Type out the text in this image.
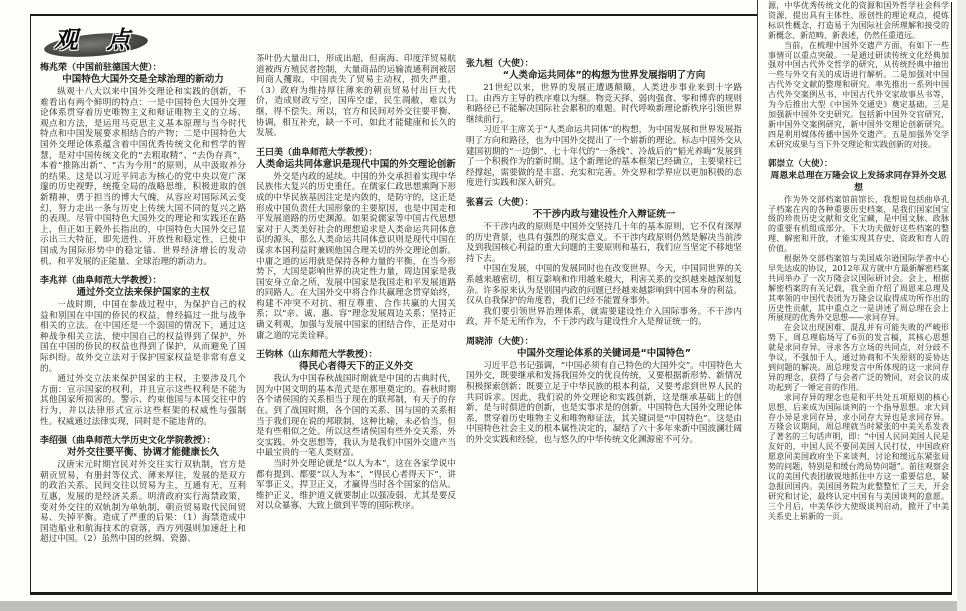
观 点
梅兆荣（中国前驻德国大使）：
中国特色大国外交是全球治理的新动力

纵观十八大以来中国外交理论和实践的创新，不难看出有两个鲜明的特点：一是中国特色大国外交理论体系贯穿着历史唯物主义和辩证唯物主义的立场、观点和方法，是运用马克思主义基本原理与当今时代特点和中国发展要求相结合的产物；二是中国特色大国外交理论体系蕴含着中国优秀传统文化和哲学的智慧，是对中国传统文化的“去粗取精”、“去伪存真”，本着“推陈出新”、“古为今用”的原则，从中汲取养分的结果。这是以习近平同志为核心的党中央以宽广深邃的历史视野，统揽全局的战略思维，积极进取的创新精神，勇于担当的博大气魄，从容应对国际风云变幻，努力走出一条与历史上传统大国不同的复兴之路的表现。尽管中国特色大国外交的理论和实践还在路上，但正如王毅外长指出的，中国特色大国外交已显示出三大特征，即先进性、开放性和稳定性，已使中国成为国际形势中的稳定锚、世界经济增长的发动机、和平发展的正能量、全球治理的新动力。

李兆祥（曲阜师范大学教授）：
通过外交立法来保护国家的主权

一战时期，中国在参战过程中，为保护自己的权益和别国在中国的侨民的权益，曾经搞过一批与战争相关的立法。在中国还是一个弱国的情况下，通过这种战争相关立法，使中国自己的权益得到了保护，外国在中国的侨民的权益也得到了保护，从而避免了国际纠纷。故外交立法对于保护国家权益是非常有意义的。

通过外交立法来保护国家的主权，主要涉及几个方面：宣示国家的权利，并且宣示这些权利是不能为其他国家所损害的。警示、约束他国与本国交往中的行为，并以法律形式宣示这些框架的权威性与强制性。权威通过法律实现，同时是不能违背的。

李绍强（曲阜师范大学历史文化学院教授）：
对外交往要平衡、协调才能健康长久

汉唐宋元时期官民对外交往实行双轨制，官方是朝贡贸易，有册封等仪式、薄来厚往，发展的是双方的政治关系。民间交往以贸易为主，互通有无，互利互惠，发展的是经济关系。明清政府实行海禁政策，变对外交往的双轨制为单轨制，朝贡贸易取代民间贸易、失掉平衡。造成了严重的后果：（1）海禁造成中国造船业和航海技术的衰落，西方列强则加速赶上和超过中国。（2）虽然中国的丝绸、瓷器、

茶叶仍大量出口，形成出超，但南海、印度洋贸易航道被西方殖民者控制，大量商品的运输流通利润被居间商人攫取，中国丧失了贸易主动权，损失严重。（3）政府为维持厚往薄来的朝贡贸易付出巨大代价，造成财政亏空，国库空虚，民生凋敝，难以为继，得不偿失。所以，官方和民间对外交往要平衡、协调，相互补充，缺一不可，如此才能健康和长久的发展。

王曰美（曲阜师范大学教授）：
人类命运共同体意识是现代中国的外交理论创新

外交是内政的延续。中国的外交承担着实现中华民族伟大复兴的历史重任。在儒家仁政思想熏陶下形成的中华民族基因注定是内敛的，是防守的，这正是形成中国负责任大国形象的主要原因，也是中国走和平发展道路的历史渊源。如果说儒家等中国古代思想家对于人类美好社会的理想追求是人类命运共同体意识的源头，那么人类命运共同体意识则是现代中国在谋求本国利益时兼顾他国合理关切的外交理论创新。中庸之道的运用就是保持各种力量的平衡，在当今形势下，大国是影响世界的决定性力量，周边国家是我国安身立命之所，发展中国家是我国走和平发展道路的同路人。在大国外交中将合作共赢理念贯穿始终，构建不冲突不对抗、相互尊重、合作共赢的大国关系；以“亲、诚、惠、容”理念发展周边关系；坚持正确义利观，加强与发展中国家的团结合作，正是对中庸之道的完美诠释。

王钧林（山东师范大学教授）：
得民心者得天下的正义外交

我认为中国春秋战国时期就是中国的古典时代，因为中国文明的基本范式是在那里奠定的。春秋时期各个诸侯国的关系相当于现在的联邦制，有天子的存在。到了战国时期，各个国的关系、国与国的关系相当于我们现在说的邦联制，这种比喻，未必恰当，但是有些相似之处。所以这些诸侯国有些外交关系、外交实践、外交思想等，我认为是我们中国外交遗产当中最宝贵的一笔人类财富。

当时外交理论就是“以人为本”，这在各家学说中都有提到、都要“以人为本”，“得民心者得天下”，讲军事正义，捍卫正义，才赢得当时各个国家的信从。维护正义，维护道义就要制止以强凌弱，尤其是要反对以众暴寡，大致上做到平等的国际秩序。

张九桓（大使）：
“人类命运共同体”的构想为世界发展指明了方向

21世纪以来，世界的发展正遭遇颠簸，人类进步事业来到十字路口。由西方主导的秩序难以为继。物竞天择、弱肉强食、零和博弈的规则和路径已不能解决国际社会累积的难题。时代呼唤新理论新秩序引领世界继续前行。

习近平主席关于“人类命运共同体”的构想，为中国发展和世界发展指明了方向和路径，也为中国外交提出了一个崭新的理论。标志中国外交从建国初期的“一边倒”、七十年代的“一条线”、冷战后的“韬光养晦”发展到了一个积极作为的新时期。这个新理论的基本框架已经确立，主要梁柱已经撑起，需要做的是丰富、充实和完善。外交界和学界应以更加积极的态度进行实践和深入研究。

张喜云（大使）：
不干涉内政与建设性介入辩证统一

不干涉内政的原则是中国外交坚持几十年的基本原则，它不仅有深厚的历史背景，也具有强烈的现实意义。不干涉内政原则仍然是解决当前涉及到我国核心利益的重大问题的主要原则和基石，我们应当坚定不移地坚持下去。

中国在发展，中国的发展同时也在改变世界。今天，中国同世界的关系越来越密切，相互影响和作用越来越大，利害关系的交织越来越深刻复杂。许多原来认为是别国内政的问题已经越来越影响到中国本身的利益。仅从自我保护的角度看，我们已经不能置身事外。

我们要引领世界治理体系，就需要建设性介入国际事务。不干涉内政，并不是无所作为，不干涉内政与建设性介入是辩证统一的。

周晓沛（大使）：
中国外交理论体系的关键词是“中国特色”

习近平总书记强调，“中国必须有自己特色的大国外交”。中国特色大国外交，既要继承和发扬我国外交的优良传统，又要根据新形势、新情况积极探索创新；既要立足于中华民族的根本利益，又要考虑到世界人民的共同诉求。因此，我们说的外交理论和实践创新，这是继承基础上的创新，是与时俱进的创新，也是实事求是的创新。中国特色大国外交理论体系，贯穿着历史唯物主义和唯物辩证法，其关键词是“中国特色”。这是由中国特色社会主义的根本属性决定的，凝结了六十多年来新中国波澜壮阔的外交实践和经验，也与悠久的中华传统文化渊源密不可分。

源，中华优秀传统文化的资源和国外哲学社会科学资源，提出具有主体性、原创性的理论观点，提炼标识性概念，打造易于为国际社会所理解和接受的新概念、新范畴、新表述，仍然任重道远。

当前，在梳理中国外交遗产方面，有如下一些事情可以重点突破。一是通过研读传统文化经典加强对中国古代外交哲学的研究，从传统经典中抽出一些与外交有关的成语进行解析。二是加强对中国古代外交文献的整理和研究。率先推出一系列中国古代外交案例丛书、中国古代外交家故事丛书等，为今后推出大型《中国外交通史》奠定基础。三是加强新中国外交史研究。包括新中国外交官研究，新中国外交案例研究，新中国外交理论创新研究。四是利用媒体传播中国外交遗产。五是加强外交学术研究成果与当下外交理论和实践创新的对接。

郭崇立（大使）：
周恩来总理在万隆会议上发扬求同存异外交思想

作为外交部档案馆前馆长，我想说包括曲阜孔子档案在内的各种重要历史档案，是我们国家国宝级的珍贵历史文献和文化宝藏，是中国文脉、政脉的重要有机组成部分。下大功夫做好这些档案的整理、解密和开放，才能实现其存史、资政和育人的价值。

根据外交部档案馆与美国威尔逊国际学者中心早先达成的协议，2012年双方就中方最新解密档案共同举办了一次万隆会议国际研讨会。会上，根据解密档案的有关记载，我全面介绍了周恩来总理及其率领的中国代表团为万隆会议取得成功所作出的历史性贡献，其中重点之一是讲述了周总理在会上所展现的优秀外交思想——求同存异。

在会议出现困难、混乱并有可能失败的严峻形势下，周总理临场写了6页的发言稿，其核心思想就是求同存异。寻求各方立场的共同点，对分歧不争议，不强加于人，通过协商和不失原则的妥协达到问题的解决。周总理发言中所体现的这一求同存异的理念，获得了与会者广泛的赞同，对会议的成功起到了一锤定音的作用。

求同存异的理念也是和平共处五项原则的核心思想，后来成为国际谈判的一个指导思想。求大同存小异是求同存异，求小同存大异也是求同存异。万隆会议期间，周总理就当时紧张的中美关系发表了著名的三句话声明，即：“中国人民同美国人民是友好的，中国人民不要同美国人民打仗，中国政府愿意同美国政府坐下来谈判，讨论和缓远东紧张局势的问题，特别是和缓台湾局势问题”。前往观察会议的美国代表团敏锐地抓住中方这一重要信息，紧急报回国内。美国国务院为此整整忙了三天，开会研究和讨论，最终认定中国有与美国谈判的意愿。三个月后，中美华沙大使级谈判启动，掀开了中美关系史上崭新的一页。
